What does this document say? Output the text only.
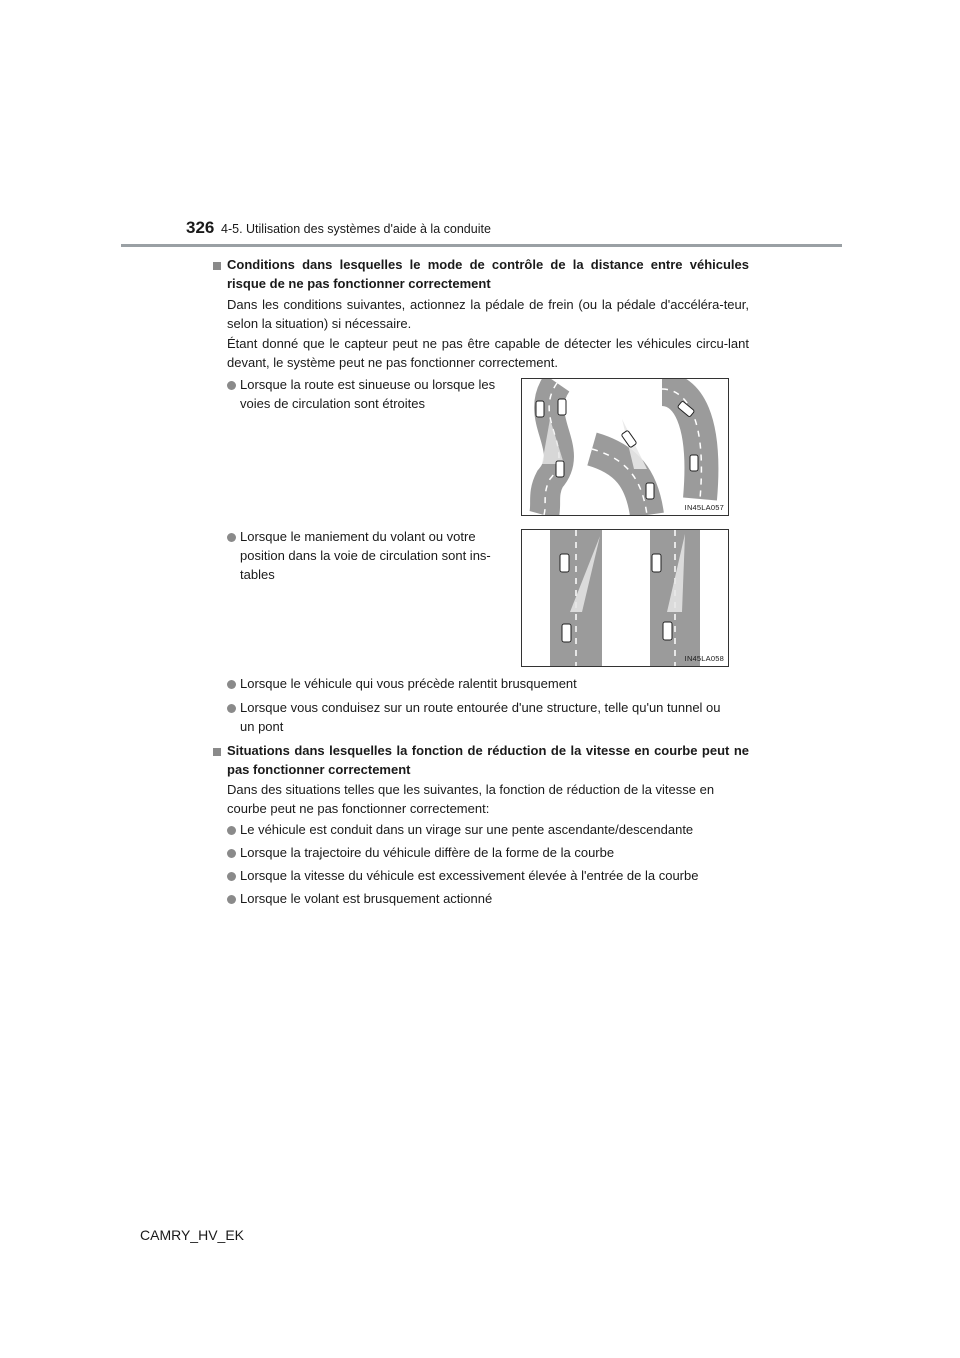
326 4-5. Utilisation des systèmes d'aide à la conduite
Conditions dans lesquelles le mode de contrôle de la distance entre véhicules risque de ne pas fonctionner correctement
Dans les conditions suivantes, actionnez la pédale de frein (ou la pédale d'accéléra-teur, selon la situation) si nécessaire.
Étant donné que le capteur peut ne pas être capable de détecter les véhicules circu-lant devant, le système peut ne pas fonctionner correctement.
Lorsque la route est sinueuse ou lorsque les
voies de circulation sont étroites
IN45LA057
Lorsque le maniement du volant ou votre
position dans la voie de circulation sont ins-
tables
IN45LA058
Lorsque le véhicule qui vous précède ralentit brusquement
Lorsque vous conduisez sur un route entourée d'une structure, telle qu'un tunnel ou
un pont
Situations dans lesquelles la fonction de réduction de la vitesse en courbe peut ne pas fonctionner correctement
Dans des situations telles que les suivantes, la fonction de réduction de la vitesse en
courbe peut ne pas fonctionner correctement:
Le véhicule est conduit dans un virage sur une pente ascendante/descendante
Lorsque la trajectoire du véhicule diffère de la forme de la courbe
Lorsque la vitesse du véhicule est excessivement élevée à l'entrée de la courbe
Lorsque le volant est brusquement actionné
CAMRY_HV_EK
